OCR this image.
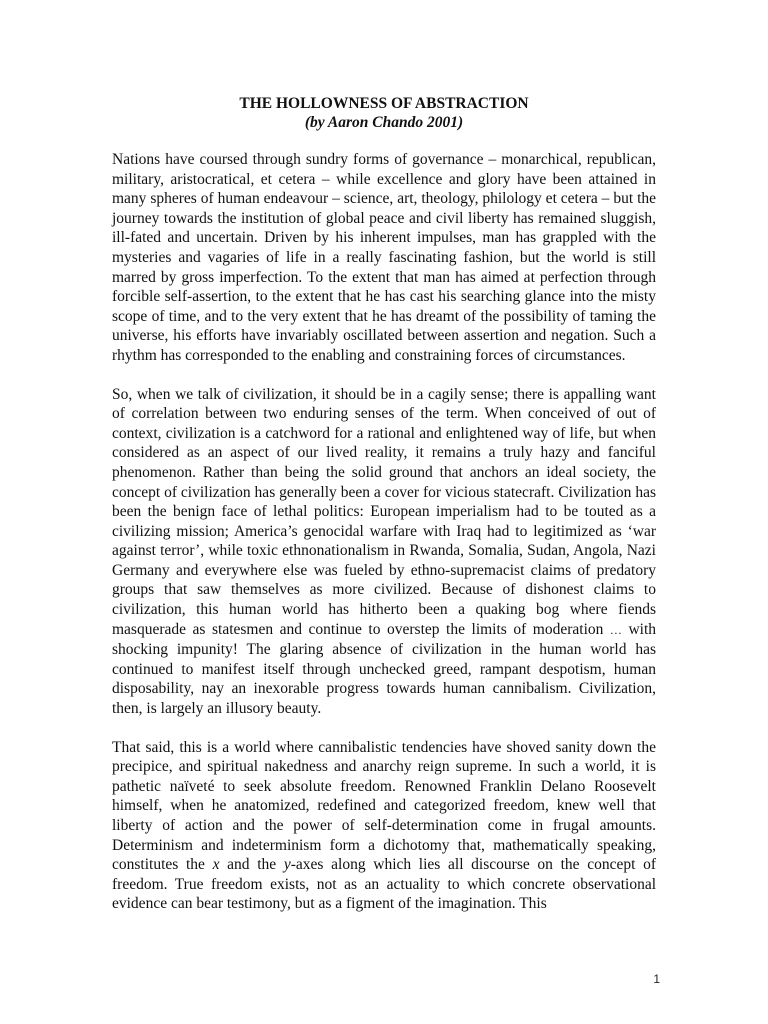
THE HOLLOWNESS OF ABSTRACTION
(by Aaron Chando 2001)

Nations have coursed through sundry forms of governance – monarchical, republican, military, aristocratical, et cetera – while excellence and glory have been attained in many spheres of human endeavour – science, art, theology, philology et cetera – but the journey towards the institution of global peace and civil liberty has remained sluggish, ill-fated and uncertain. Driven by his inherent impulses, man has grappled with the mysteries and vagaries of life in a really fascinating fashion, but the world is still marred by gross imperfection. To the extent that man has aimed at perfection through forcible self-assertion, to the extent that he has cast his searching glance into the misty scope of time, and to the very extent that he has dreamt of the possibility of taming the universe, his efforts have invariably oscillated between assertion and negation. Such a rhythm has corresponded to the enabling and constraining forces of circumstances.

So, when we talk of civilization, it should be in a cagily sense; there is appalling want of correlation between two enduring senses of the term. When conceived of out of context, civilization is a catchword for a rational and enlightened way of life, but when considered as an aspect of our lived reality, it remains a truly hazy and fanciful phenomenon. Rather than being the solid ground that anchors an ideal society, the concept of civilization has generally been a cover for vicious statecraft. Civilization has been the benign face of lethal politics: European imperialism had to be touted as a civilizing mission; America’s genocidal warfare with Iraq had to legitimized as ‘war against terror’, while toxic ethnonationalism in Rwanda, Somalia, Sudan, Angola, Nazi Germany and everywhere else was fueled by ethno-supremacist claims of predatory groups that saw themselves as more civilized. Because of dishonest claims to civilization, this human world has hitherto been a quaking bog where fiends masquerade as statesmen and continue to overstep the limits of moderation … with shocking impunity! The glaring absence of civilization in the human world has continued to manifest itself through unchecked greed, rampant despotism, human disposability, nay an inexorable progress towards human cannibalism. Civilization, then, is largely an illusory beauty.

That said, this is a world where cannibalistic tendencies have shoved sanity down the precipice, and spiritual nakedness and anarchy reign supreme. In such a world, it is pathetic naïveté to seek absolute freedom. Renowned Franklin Delano Roosevelt himself, when he anatomized, redefined and categorized freedom, knew well that liberty of action and the power of self-determination come in frugal amounts. Determinism and indeterminism form a dichotomy that, mathematically speaking, constitutes the x and the y-axes along which lies all discourse on the concept of freedom. True freedom exists, not as an actuality to which concrete observational evidence can bear testimony, but as a figment of the imagination. This

1
